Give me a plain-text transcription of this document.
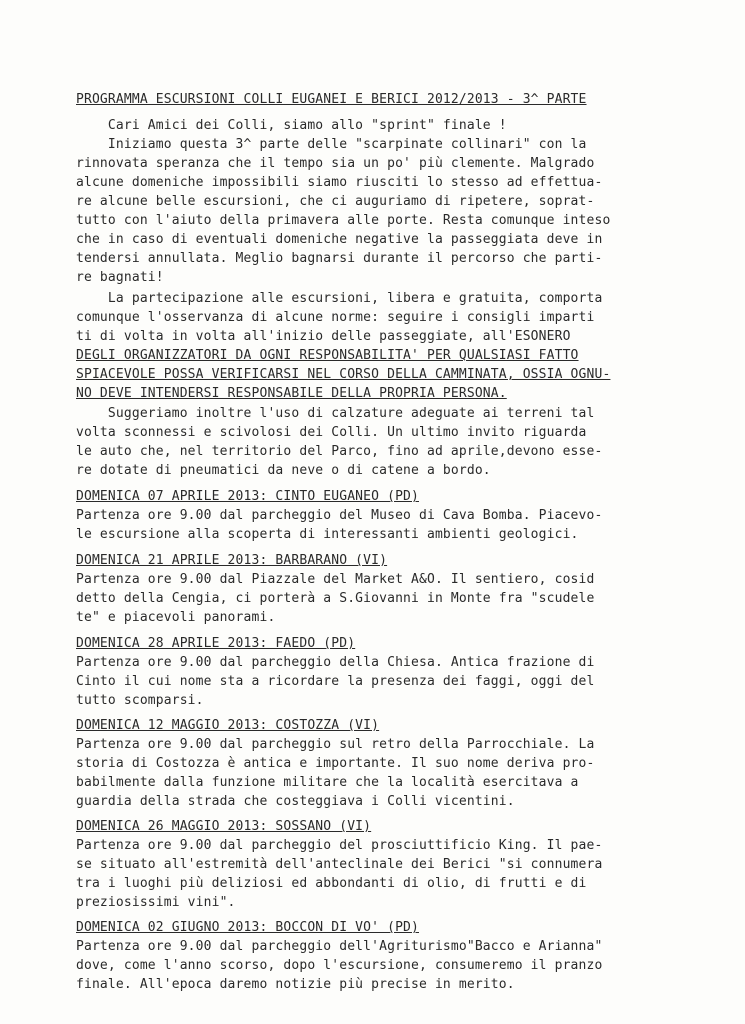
PROGRAMMA ESCURSIONI COLLI EUGANEI E BERICI 2012/2013 - 3^ PARTE
Cari Amici dei Colli, siamo allo "sprint" finale !
Iniziamo questa 3^ parte delle "scarpinate collinari" con la
rinnovata speranza che il tempo sia un po' più clemente. Malgrado
alcune domeniche impossibili siamo riusciti lo stesso ad effettua-
re alcune belle escursioni, che ci auguriamo di ripetere, soprat-
tutto con l'aiuto della primavera alle porte. Resta comunque inteso
che in caso di eventuali domeniche negative la passeggiata deve in
tendersi annullata. Meglio bagnarsi durante il percorso che parti-
re bagnati!
La partecipazione alle escursioni, libera e gratuita, comporta
comunque l'osservanza di alcune norme: seguire i consigli imparti
ti di volta in volta all'inizio delle passeggiate, all'ESONERO
DEGLI ORGANIZZATORI DA OGNI RESPONSABILITA' PER QUALSIASI FATTO
SPIACEVOLE POSSA VERIFICARSI NEL CORSO DELLA CAMMINATA, OSSIA OGNU-
NO DEVE INTENDERSI RESPONSABILE DELLA PROPRIA PERSONA.
Suggeriamo inoltre l'uso di calzature adeguate ai terreni tal
volta sconnessi e scivolosi dei Colli. Un ultimo invito riguarda
le auto che, nel territorio del Parco, fino ad aprile,devono esse-
re dotate di pneumatici da neve o di catene a bordo.
DOMENICA 07 APRILE 2013: CINTO EUGANEO (PD)
Partenza ore 9.00 dal parcheggio del Museo di Cava Bomba. Piacevo-
le escursione alla scoperta di interessanti ambienti geologici.
DOMENICA 21 APRILE 2013: BARBARANO (VI)
Partenza ore 9.00 dal Piazzale del Market A&O. Il sentiero, cosid
detto della Cengia, ci porterà a S.Giovanni in Monte fra "scudele
te" e piacevoli panorami.
DOMENICA 28 APRILE 2013: FAEDO (PD)
Partenza ore 9.00 dal parcheggio della Chiesa. Antica frazione di
Cinto il cui nome sta a ricordare la presenza dei faggi, oggi del
tutto scomparsi.
DOMENICA 12 MAGGIO 2013: COSTOZZA (VI)
Partenza ore 9.00 dal parcheggio sul retro della Parrocchiale. La
storia di Costozza è antica e importante. Il suo nome deriva pro-
babilmente dalla funzione militare che la località esercitava a
guardia della strada che costeggiava i Colli vicentini.
DOMENICA 26 MAGGIO 2013: SOSSANO (VI)
Partenza ore 9.00 dal parcheggio del prosciuttificio King. Il pae-
se situato all'estremità dell'anteclinale dei Berici "si connumera
tra i luoghi più deliziosi ed abbondanti di olio, di frutti e di
preziosissimi vini".
DOMENICA 02 GIUGNO 2013: BOCCON DI VO' (PD)
Partenza ore 9.00 dal parcheggio dell'Agriturismo"Bacco e Arianna"
dove, come l'anno scorso, dopo l'escursione, consumeremo il pranzo
finale. All'epoca daremo notizie più precise in merito.
